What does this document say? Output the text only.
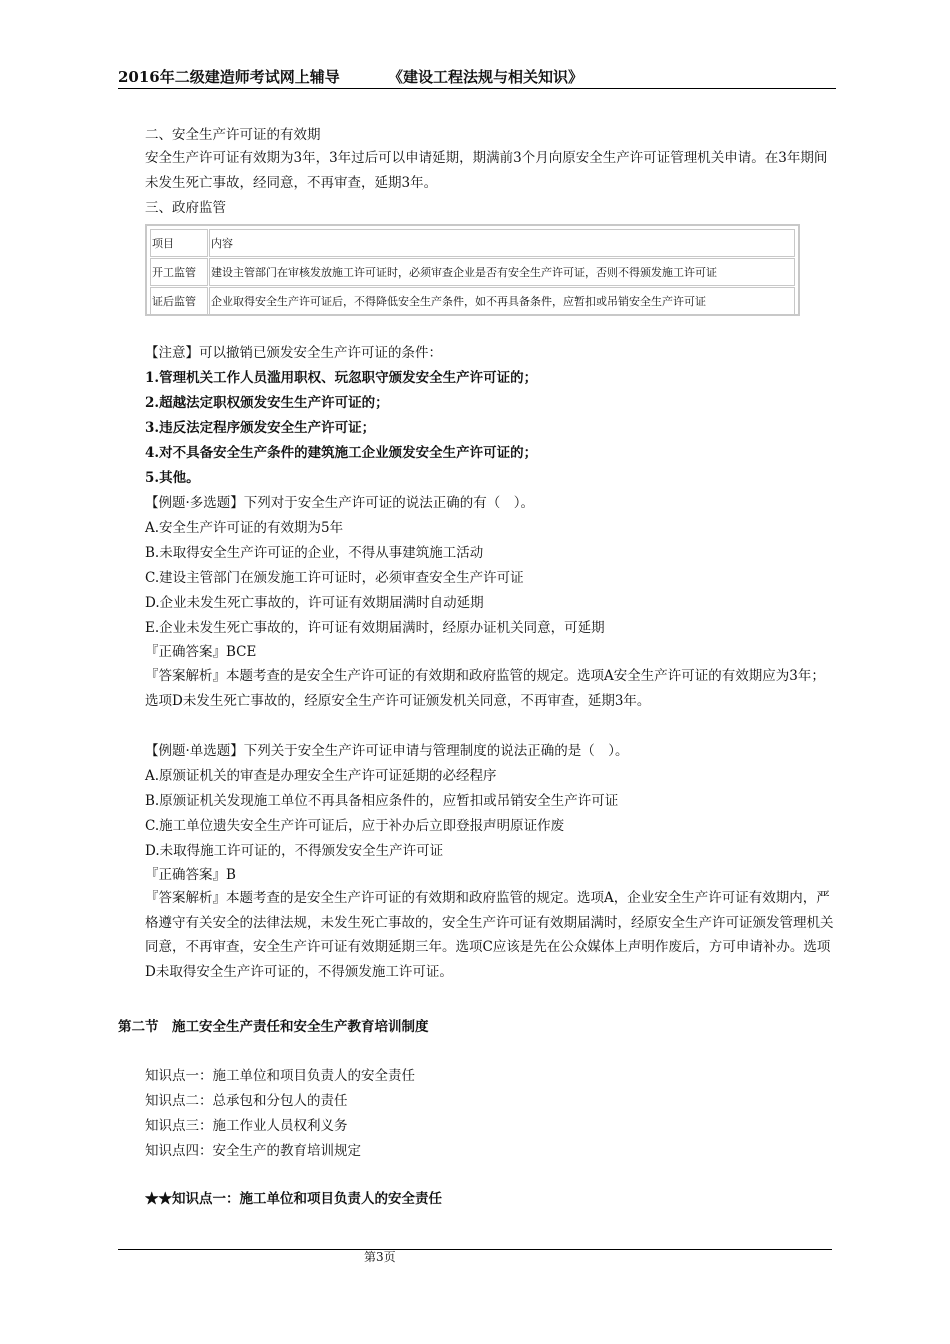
2016年二级建造师考试网上辅导	《建设工程法规与相关知识》
二、安全生产许可证的有效期
安全生产许可证有效期为3年，3年过后可以申请延期，期满前3个月向原安全生产许可证管理机关申请。在3年期间未发生死亡事故，经同意，不再审查，延期3年。
三、政府监管
项目	内容
开工监管	建设主管部门在审核发放施工许可证时，必须审查企业是否有安全生产许可证，否则不得颁发施工许可证
证后监管	企业取得安全生产许可证后，不得降低安全生产条件，如不再具备条件，应暂扣或吊销安全生产许可证
【注意】可以撤销已颁发安全生产许可证的条件：
1.管理机关工作人员滥用职权、玩忽职守颁发安全生产许可证的；
2.超越法定职权颁发安生生产许可证的；
3.违反法定程序颁发安全生产许可证；
4.对不具备安全生产条件的建筑施工企业颁发安全生产许可证的；
5.其他。
【例题·多选题】下列对于安全生产许可证的说法正确的有（　）。
A.安全生产许可证的有效期为5年
B.未取得安全生产许可证的企业，不得从事建筑施工活动
C.建设主管部门在颁发施工许可证时，必须审查安全生产许可证
D.企业未发生死亡事故的，许可证有效期届满时自动延期
E.企业未发生死亡事故的，许可证有效期届满时，经原办证机关同意，可延期
『正确答案』BCE
『答案解析』本题考查的是安全生产许可证的有效期和政府监管的规定。选项A安全生产许可证的有效期应为3年；选项D未发生死亡事故的，经原安全生产许可证颁发机关同意，不再审查，延期3年。
【例题·单选题】下列关于安全生产许可证申请与管理制度的说法正确的是（　）。
A.原颁证机关的审查是办理安全生产许可证延期的必经程序
B.原颁证机关发现施工单位不再具备相应条件的，应暂扣或吊销安全生产许可证
C.施工单位遗失安全生产许可证后，应于补办后立即登报声明原证作废
D.未取得施工许可证的，不得颁发安全生产许可证
『正确答案』B
『答案解析』本题考查的是安全生产许可证的有效期和政府监管的规定。选项A，企业安全生产许可证有效期内，严格遵守有关安全的法律法规，未发生死亡事故的，安全生产许可证有效期届满时，经原安全生产许可证颁发管理机关同意，不再审查，安全生产许可证有效期延期三年。选项C应该是先在公众媒体上声明作废后，方可申请补办。选项D未取得安全生产许可证的，不得颁发施工许可证。
第二节　施工安全生产责任和安全生产教育培训制度
知识点一：施工单位和项目负责人的安全责任
知识点二：总承包和分包人的责任
知识点三：施工作业人员权利义务
知识点四：安全生产的教育培训规定
★★知识点一：施工单位和项目负责人的安全责任
第3页
